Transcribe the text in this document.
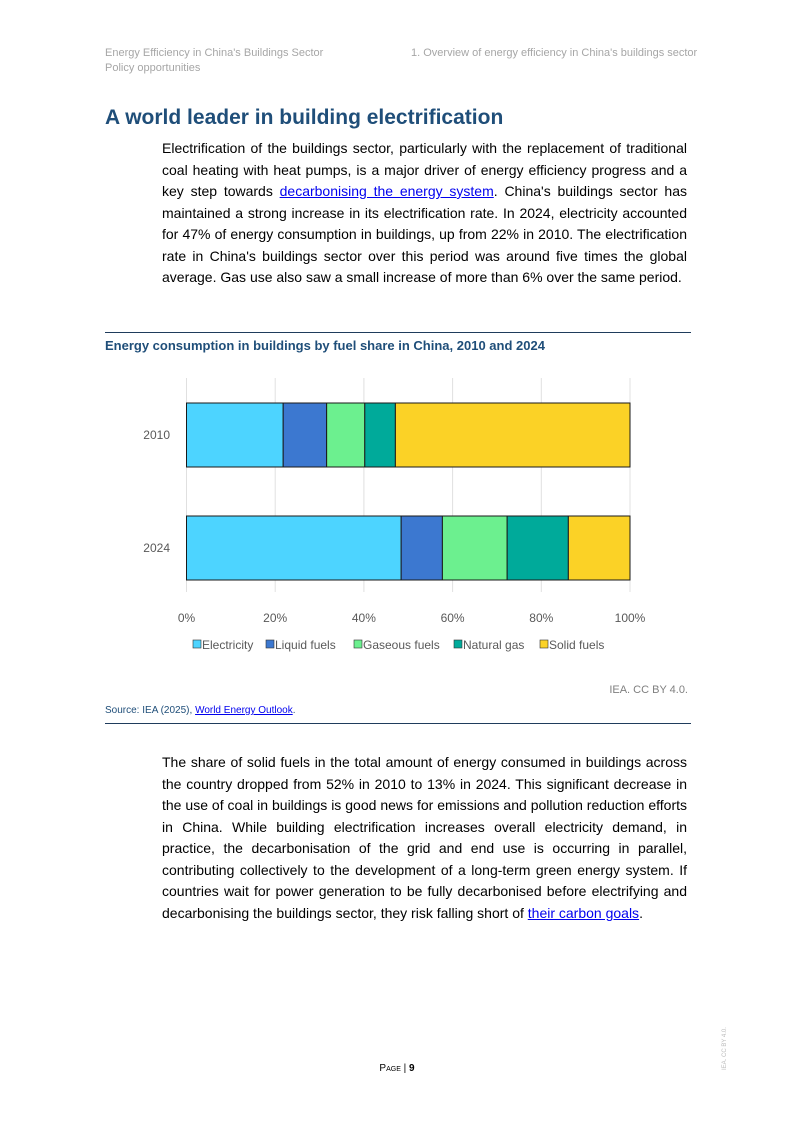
Energy Efficiency in China's Buildings Sector
Policy opportunities
1. Overview of energy efficiency in China's buildings sector
A world leader in building electrification

Electrification of the buildings sector, particularly with the replacement of traditional coal heating with heat pumps, is a major driver of energy efficiency progress and a key step towards decarbonising the energy system. China's buildings sector has maintained a strong increase in its electrification rate. In 2024, electricity accounted for 47% of energy consumption in buildings, up from 22% in 2010. The electrification rate in China's buildings sector over this period was around five times the global average. Gas use also saw a small increase of more than 6% over the same period.

Energy consumption in buildings by fuel share in China, 2010 and 2024
0%	20%	40%	60%	80%	100%
2010
2024
Electricity Liquid fuels Gaseous fuels Natural gas Solid fuels
IEA. CC BY 4.0.
Source: IEA (2025), World Energy Outlook.

The share of solid fuels in the total amount of energy consumed in buildings across the country dropped from 52% in 2010 to 13% in 2024. This significant decrease in the use of coal in buildings is good news for emissions and pollution reduction efforts in China. While building electrification increases overall electricity demand, in practice, the decarbonisation of the grid and end use is occurring in parallel, contributing collectively to the development of a long-term green energy system. If countries wait for power generation to be fully decarbonised before electrifying and decarbonising the buildings sector, they risk falling short of their carbon goals.

Page | 9	IEA. CC BY 4.0.
